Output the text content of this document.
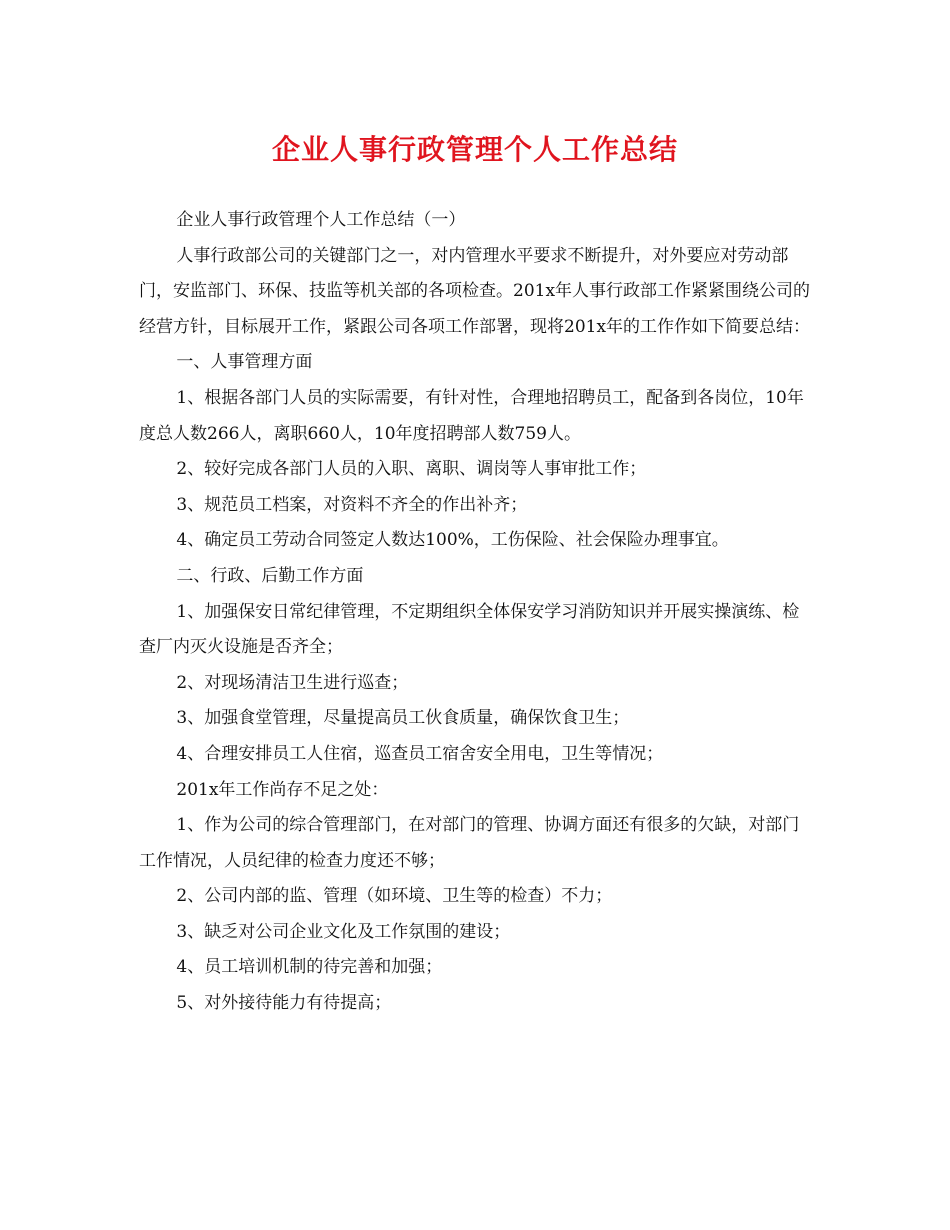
企业人事行政管理个人工作总结

企业人事行政管理个人工作总结（一）

人事行政部公司的关键部门之一，对内管理水平要求不断提升，对外要应对劳动部门，安监部门、环保、技监等机关部的各项检查。201x年人事行政部工作紧紧围绕公司的经营方针，目标展开工作，紧跟公司各项工作部署，现将201x年的工作作如下简要总结：

一、人事管理方面

1、根据各部门人员的实际需要，有针对性，合理地招聘员工，配备到各岗位，10年度总人数266人，离职660人，10年度招聘部人数759人。

2、较好完成各部门人员的入职、离职、调岗等人事审批工作；

3、规范员工档案，对资料不齐全的作出补齐；

4、确定员工劳动合同签定人数达100%，工伤保险、社会保险办理事宜。

二、行政、后勤工作方面

1、加强保安日常纪律管理，不定期组织全体保安学习消防知识并开展实操演练、检查厂内灭火设施是否齐全；

2、对现场清洁卫生进行巡查；

3、加强食堂管理，尽量提高员工伙食质量，确保饮食卫生；

4、合理安排员工人住宿，巡查员工宿舍安全用电，卫生等情况；

201x年工作尚存不足之处：

1、作为公司的综合管理部门，在对部门的管理、协调方面还有很多的欠缺，对部门工作情况，人员纪律的检查力度还不够；

2、公司内部的监、管理（如环境、卫生等的检查）不力；

3、缺乏对公司企业文化及工作氛围的建设；

4、员工培训机制的待完善和加强；

5、对外接待能力有待提高；
